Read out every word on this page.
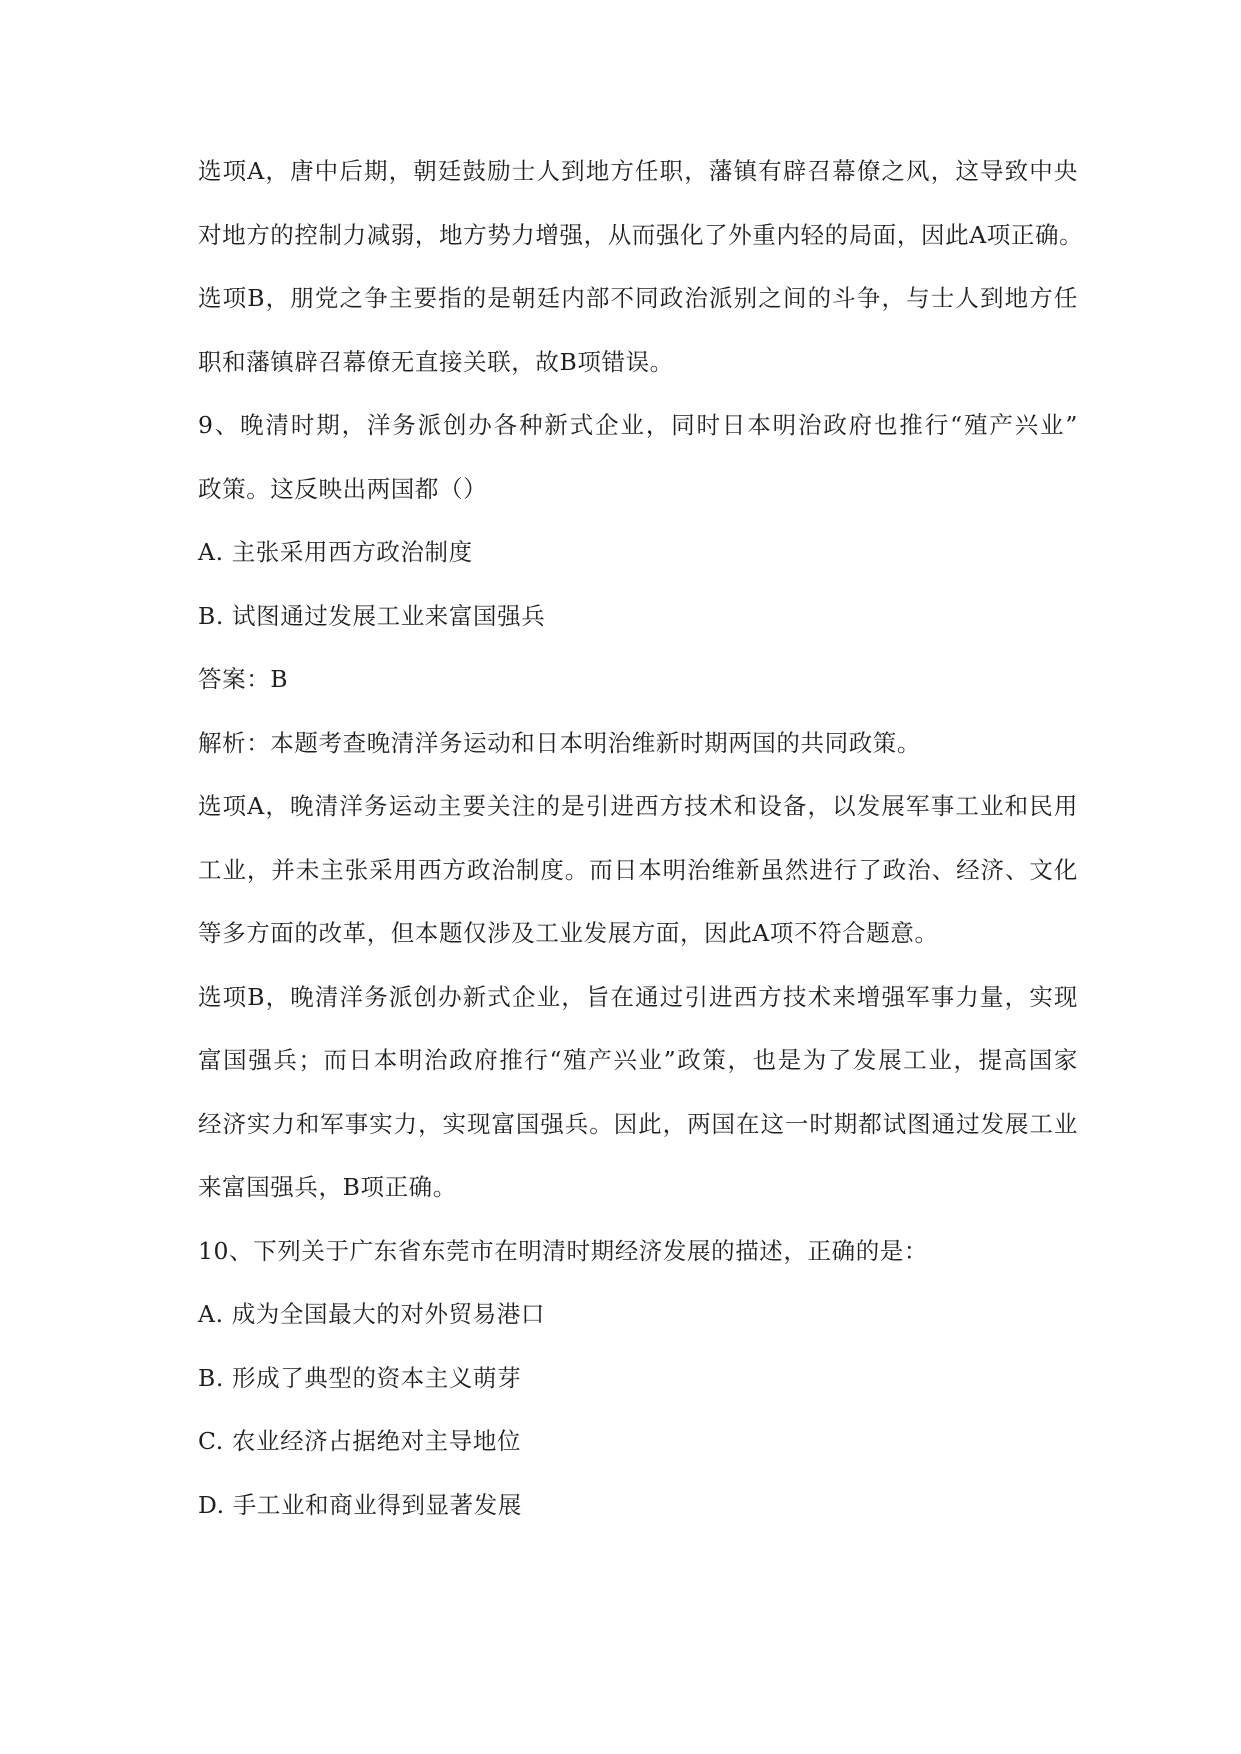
选项A，唐中后期，朝廷鼓励士人到地方任职，藩镇有辟召幕僚之风，这导致中央
对地方的控制力减弱，地方势力增强，从而强化了外重内轻的局面，因此A项正确。
选项B，朋党之争主要指的是朝廷内部不同政治派别之间的斗争，与士人到地方任
职和藩镇辟召幕僚无直接关联，故B项错误。
9、晚清时期，洋务派创办各种新式企业，同时日本明治政府也推行“殖产兴业”
政策。这反映出两国都（）
A. 主张采用西方政治制度
B. 试图通过发展工业来富国强兵
答案：B
解析：本题考查晚清洋务运动和日本明治维新时期两国的共同政策。
选项A，晚清洋务运动主要关注的是引进西方技术和设备，以发展军事工业和民用
工业，并未主张采用西方政治制度。而日本明治维新虽然进行了政治、经济、文化
等多方面的改革，但本题仅涉及工业发展方面，因此A项不符合题意。
选项B，晚清洋务派创办新式企业，旨在通过引进西方技术来增强军事力量，实现
富国强兵；而日本明治政府推行“殖产兴业”政策，也是为了发展工业，提高国家
经济实力和军事实力，实现富国强兵。因此，两国在这一时期都试图通过发展工业
来富国强兵，B项正确。
10、下列关于广东省东莞市在明清时期经济发展的描述，正确的是：
A. 成为全国最大的对外贸易港口
B. 形成了典型的资本主义萌芽
C. 农业经济占据绝对主导地位
D. 手工业和商业得到显著发展
